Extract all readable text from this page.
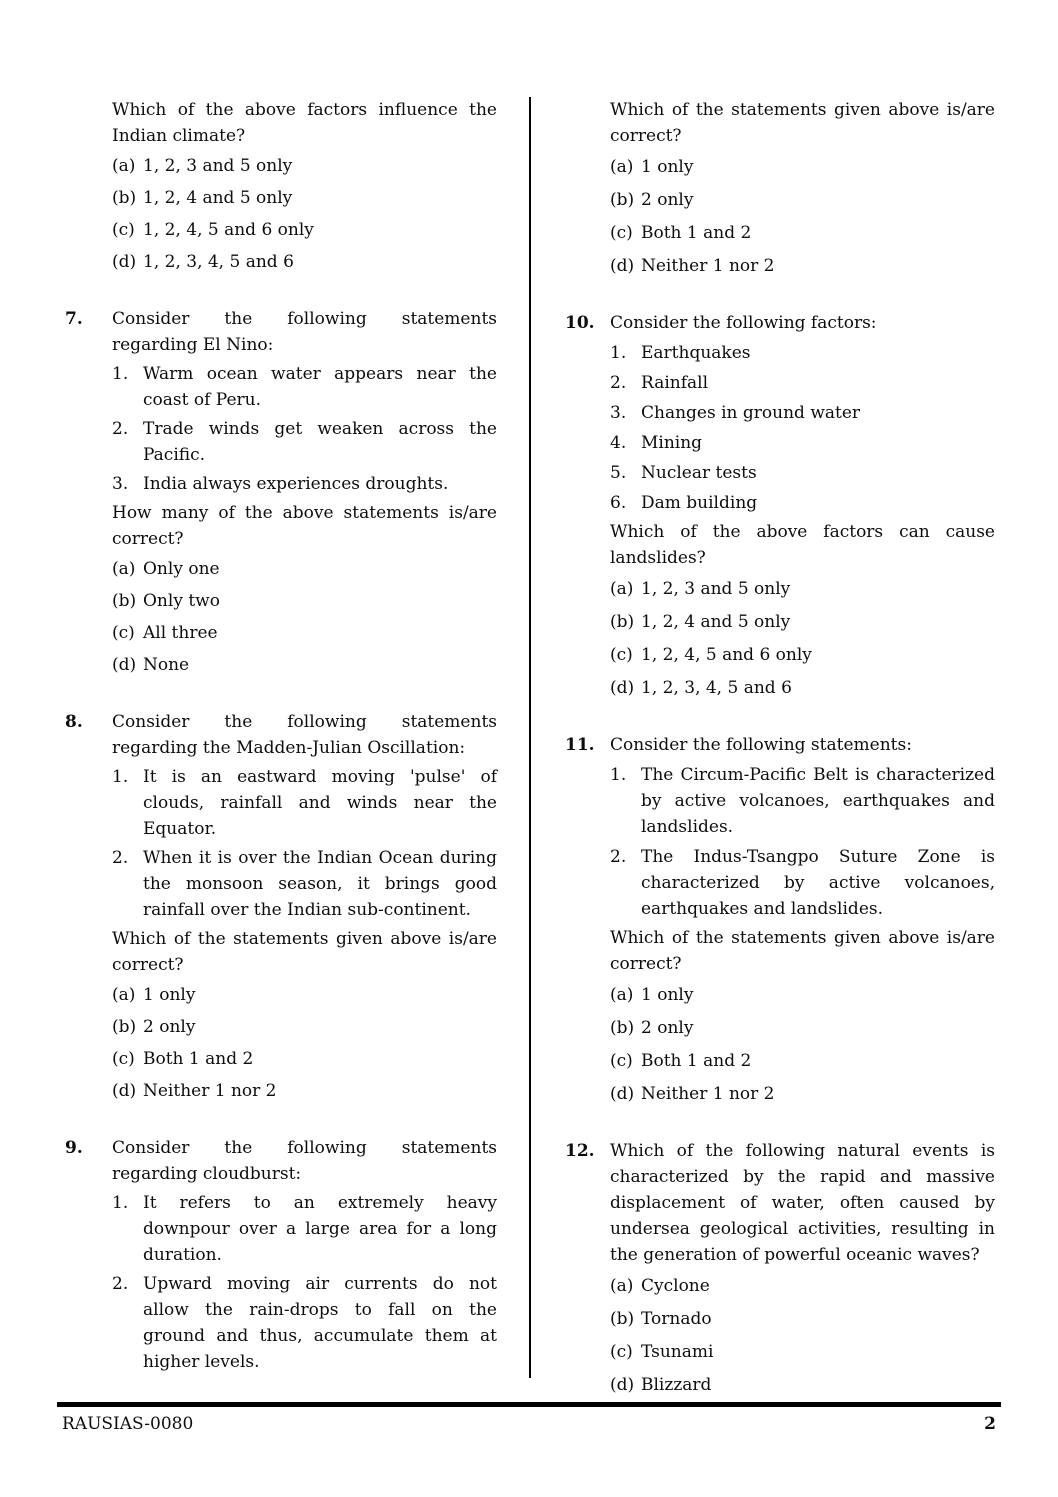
Which of the above factors influence the Indian climate?
(a) 1, 2, 3 and 5 only
(b) 1, 2, 4 and 5 only
(c) 1, 2, 4, 5 and 6 only
(d) 1, 2, 3, 4, 5 and 6
7.	Consider the following statements regarding El Nino:
1. Warm ocean water appears near the coast of Peru.
2. Trade winds get weaken across the Pacific.
3. India always experiences droughts.
How many of the above statements is/are correct?
(a) Only one
(b) Only two
(c) All three
(d) None
8.	Consider the following statements regarding the Madden-Julian Oscillation:
1. It is an eastward moving 'pulse' of clouds, rainfall and winds near the Equator.
2. When it is over the Indian Ocean during the monsoon season, it brings good rainfall over the Indian sub-continent.
Which of the statements given above is/are correct?
(a) 1 only
(b) 2 only
(c) Both 1 and 2
(d) Neither 1 nor 2
9.	Consider the following statements regarding cloudburst:
1. It refers to an extremely heavy downpour over a large area for a long duration.
2. Upward moving air currents do not allow the rain-drops to fall on the ground and thus, accumulate them at higher levels.
Which of the statements given above is/are correct?
(a) 1 only
(b) 2 only
(c) Both 1 and 2
(d) Neither 1 nor 2
10. Consider the following factors:
1. Earthquakes
2. Rainfall
3. Changes in ground water
4. Mining
5. Nuclear tests
6. Dam building
Which of the above factors can cause landslides?
(a) 1, 2, 3 and 5 only
(b) 1, 2, 4 and 5 only
(c) 1, 2, 4, 5 and 6 only
(d) 1, 2, 3, 4, 5 and 6
11. Consider the following statements:
1. The Circum-Pacific Belt is characterized by active volcanoes, earthquakes and landslides.
2. The Indus-Tsangpo Suture Zone is characterized by active volcanoes, earthquakes and landslides.
Which of the statements given above is/are correct?
(a) 1 only
(b) 2 only
(c) Both 1 and 2
(d) Neither 1 nor 2
12. Which of the following natural events is characterized by the rapid and massive displacement of water, often caused by undersea geological activities, resulting in the generation of powerful oceanic waves?
(a) Cyclone
(b) Tornado
(c) Tsunami
(d) Blizzard
RAUSIAS-0080	2
